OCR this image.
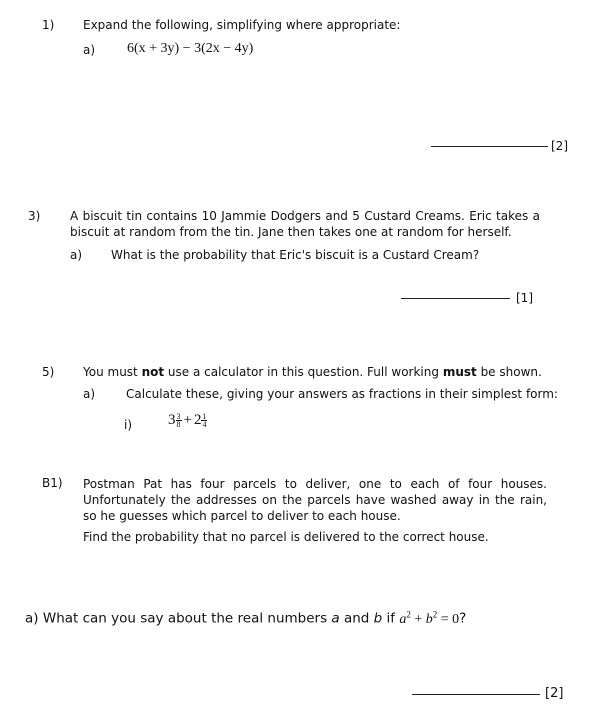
1) Expand the following, simplifying where appropriate:
a) 6(x + 3y) − 3(2x − 4y)
[2]
3) A biscuit tin contains 10 Jammie Dodgers and 5 Custard Creams. Eric takes a biscuit at random from the tin. Jane then takes one at random for herself.
a) What is the probability that Eric's biscuit is a Custard Cream?
[1]
5) You must not use a calculator in this question. Full working must be shown.
a)	Calculate these, giving your answers as fractions in their simplest form:
i) $3 \frac{3}{8} + 2 \frac{1}{4}$
B1) Postman Pat has four parcels to deliver, one to each of four houses. Unfortunately the addresses on the parcels have washed away in the rain, so he guesses which parcel to deliver to each house.
Find the probability that no parcel is delivered to the correct house.
a) What can you say about the real numbers a and b if $a^2 + b^2 = 0$?
[2]
